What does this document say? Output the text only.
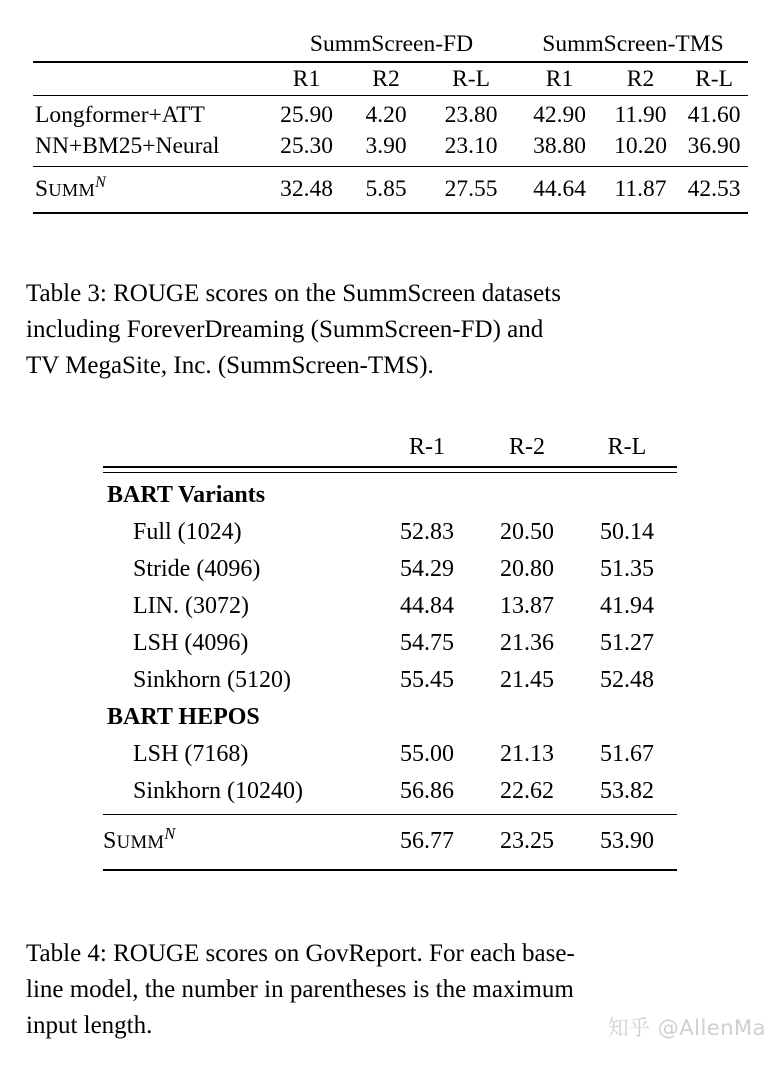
	SummScreen-FD			SummScreen-TMS		
	R1	R2	R-L	R1	R2	R-L

Longformer+ATT	25.90	4.20	23.80	42.90	11.90	41.60
NN+BM25+Neural	25.30	3.90	23.10	38.80	10.20	36.90

$SUMM^N$	32.48	5.85	27.55	44.64	11.87	42.53

Table 3: ROUGE scores on the SummScreen datasets
including ForeverDreaming (SummScreen-FD) and
TV MegaSite, Inc. (SummScreen-TMS).
	R-1	R-2	R-L

BART Variants			
Full (1024)	52.83	20.50	50.14
Stride (4096)	54.29	20.80	51.35
LIN. (3072)	44.84	13.87	41.94
LSH (4096)	54.75	21.36	51.27
Sinkhorn (5120)	55.45	21.45	52.48
BART HEPOS			
LSH (7168)	55.00	21.13	51.67
Sinkhorn (10240)	56.86	22.62	53.82

$SUMM^N$	56.77	23.25	53.90

Table 4: ROUGE scores on GovReport. For each base-
line model, the number in parentheses is the maximum
input length.	知乎 @AllenMa
